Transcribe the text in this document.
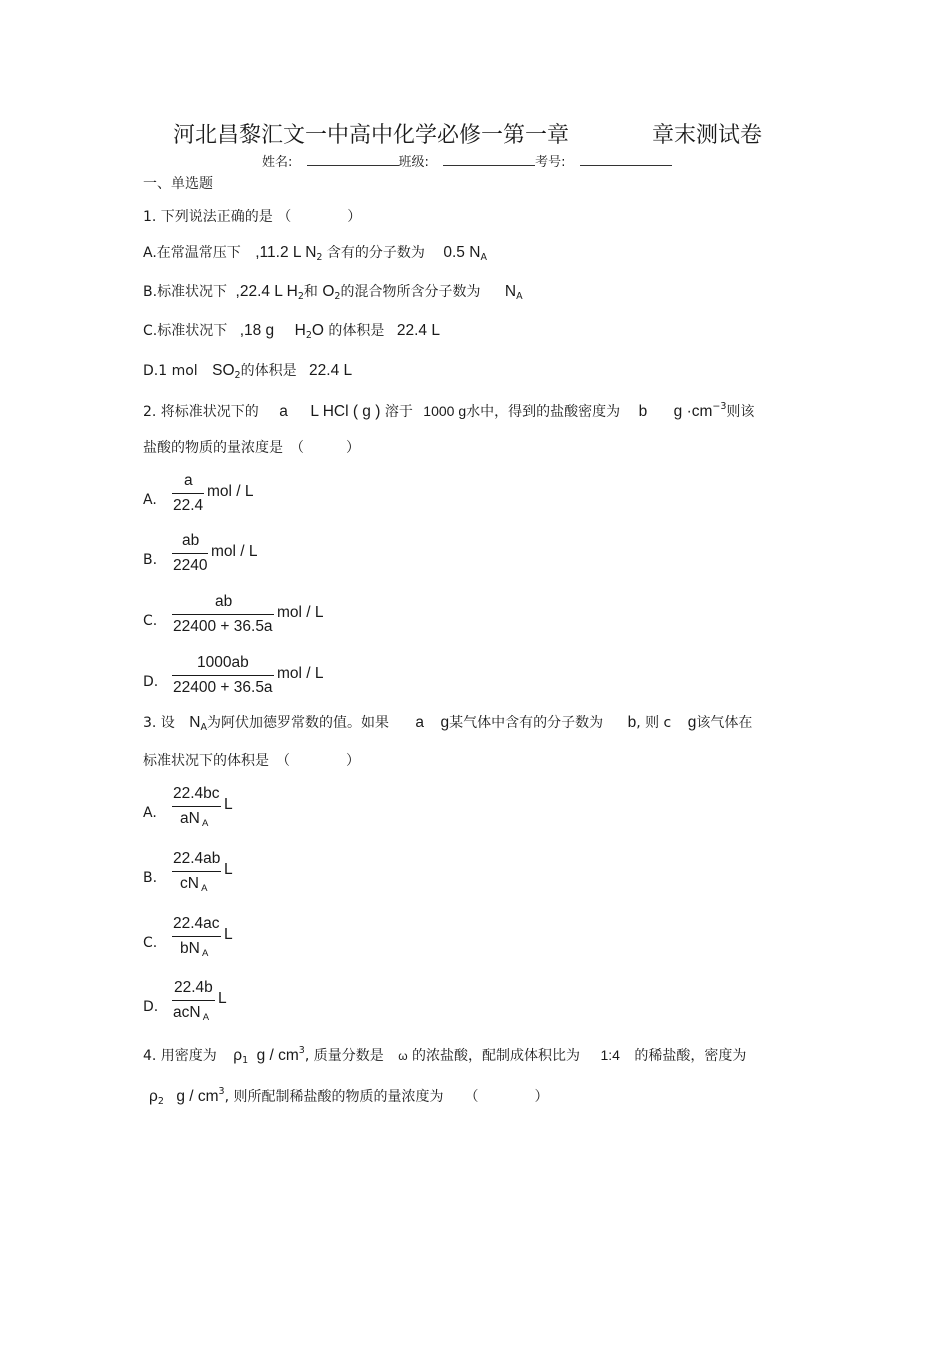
河北昌黎汇文一中高中化学必修一第一章	章末测试卷
姓名:	班级:	考号:
一、单选题
1. 下列说法正确的是 （　　　　）
A.在常温常压下 ,11.2 L $N_2$ 含有的分子数为 0.5 $N_A$
B.标准状况下 ,22.4 L $H_2$和 $O_2$的混合物所含分子数为 $N_A$
C.标准状况下 ,18 g $H_2O$ 的体积是 22.4 L
D.1 mol $SO_2$的体积是 22.4 L
2. 将标准状况下的 a L HCl ( g ) 溶于 1000 g水中，得到的盐酸密度为 b $g \cdot cm^{-3}$则该
盐酸的物质的量浓度是　（　　　）
A.
a
22.4
mol / L
B.
ab
2240
mol / L
C.
ab
22400 + 36.5a
mol / L
D.
1000ab
22400 + 36.5a
mol / L
3. 设 $N_A$为阿伏加德罗常数的值。如果 a g某气体中含有的分子数为 b, 则 c g该气体在
标准状况下的体积是　（　　　　）
A.
22.4bc
aN $_A$
L
B.
22.4ab
cN $_A$
L
C.
22.4ac
bN $_A$
L
D.
22.4b
acN $_A$
L
4. 用密度为 $\rho_1$ g / $cm^3$, 质量分数是 ω 的浓盐酸，配制成体积比为 1:4 的稀盐酸，密度为
$\rho_2$ g / $cm^3$, 则所配制稀盐酸的物质的量浓度为　　（　　　　）
